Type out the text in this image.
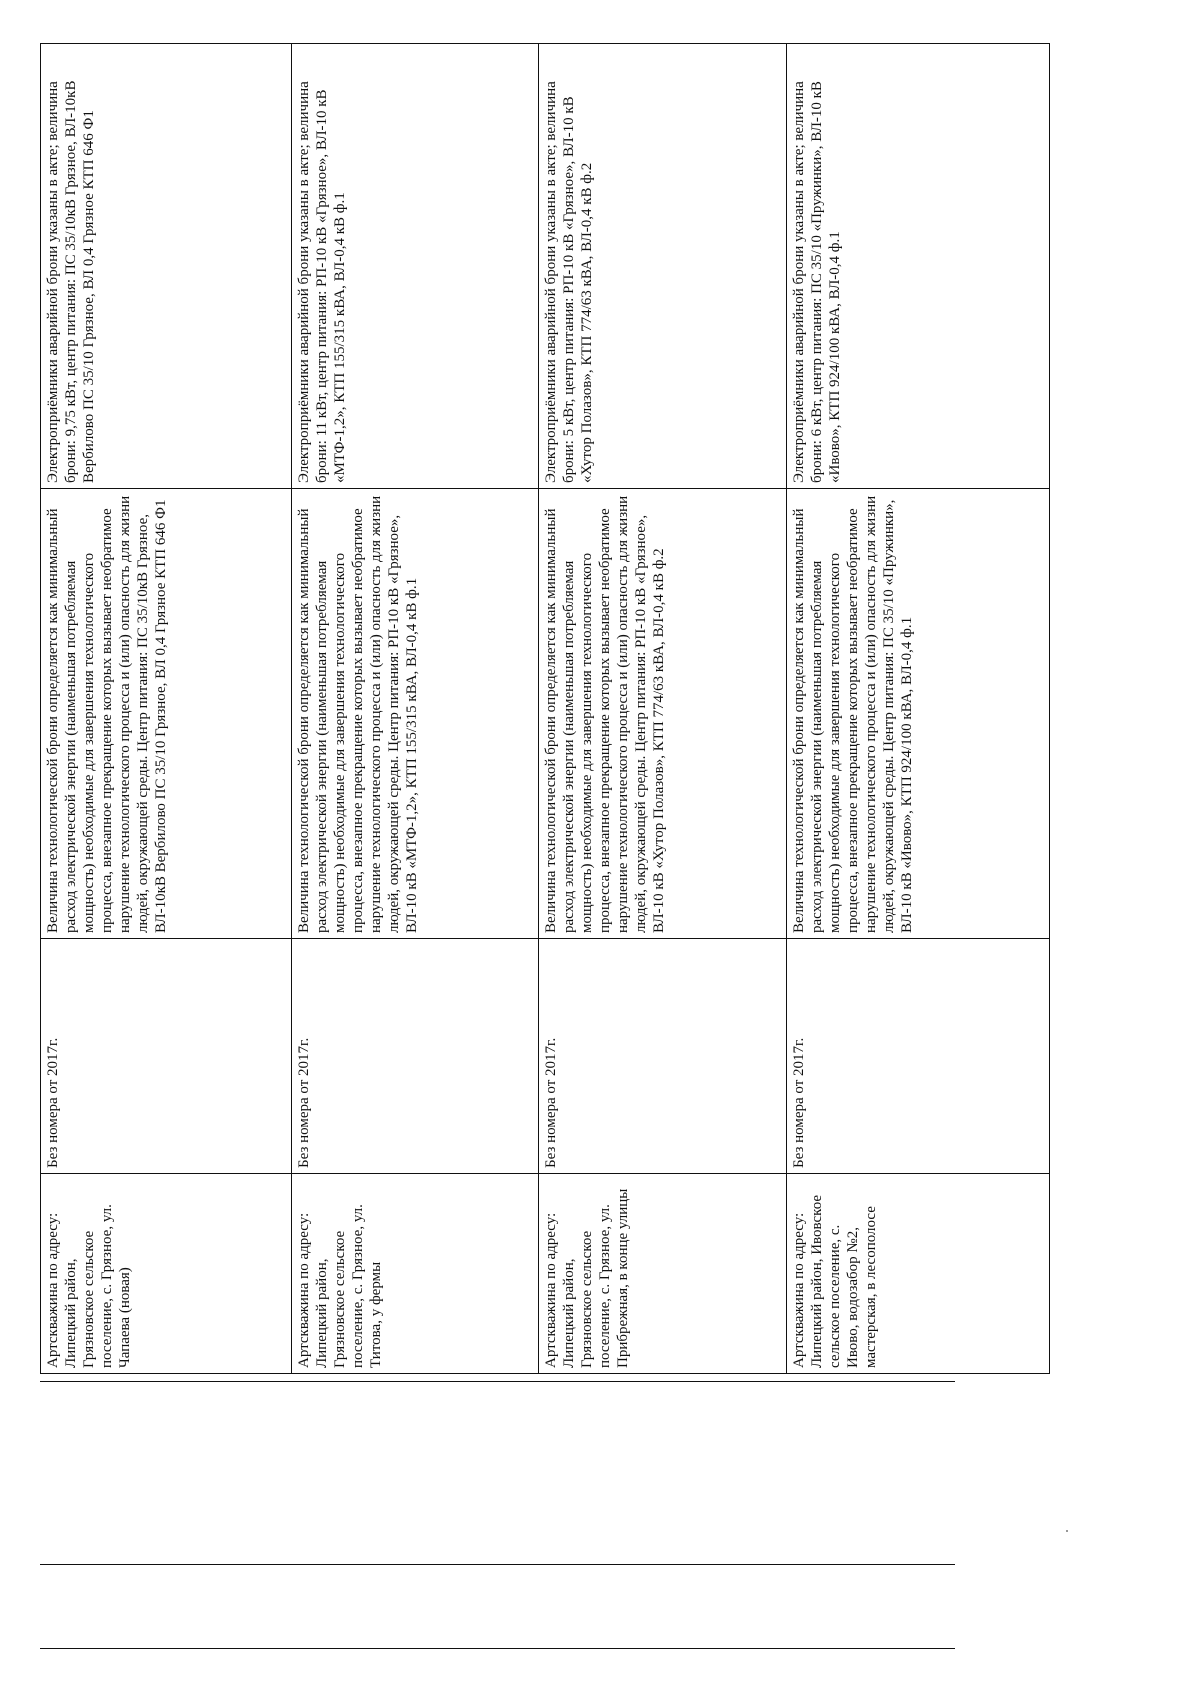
Артскважина по адресу: Липецкий район, Грязновское сельское поселение, с. Грязное, ул. Чапаева (новая)	Без номера от 2017г.	Величина технологической брони определяется как минимальный расход электрической энергии (наименьшая потребляемая мощность) необходимые для завершения технологического процесса, внезапное прекращение которых вызывает необратимое нарушение технологического процесса и (или) опасность для жизни людей, окружающей среды. Центр питания: ПС 35/10кВ Грязное, ВЛ-10кВ Вербилово ПС 35/10 Грязное, ВЛ 0,4 Грязное КТП 646 Ф1	Электроприёмники аварийной брони указаны в акте; величина брони: 9,75 кВт, центр питания: ПС 35/10кВ Грязное, ВЛ-10кВ Вербилово ПС 35/10 Грязное, ВЛ 0,4 Грязное КТП 646 Ф1

Артскважина по адресу: Липецкий район, Грязновское сельское поселение, с. Грязное, ул. Титова, у фермы	Без номера от 2017г.	Величина технологической брони определяется как минимальный расход электрической энергии (наименьшая потребляемая мощность) необходимые для завершения технологического процесса, внезапное прекращение которых вызывает необратимое нарушение технологического процесса и (или) опасность для жизни людей, окружающей среды. Центр питания: РП-10 кВ «Грязное», ВЛ-10 кВ «МТФ-1,2», КТП 155/315 кВА, ВЛ-0,4 кВ ф.1	Электроприёмники аварийной брони указаны в акте; величина брони: 11 кВт, центр питания: РП-10 кВ «Грязное», ВЛ-10 кВ «МТФ-1,2», КТП 155/315 кВА, ВЛ-0,4 кВ ф.1

Артскважина по адресу: Липецкий район, Грязновское сельское поселение, с. Грязное, ул. Прибрежная, в конце улицы	Без номера от 2017г.	Величина технологической брони определяется как минимальный расход электрической энергии (наименьшая потребляемая мощность) необходимые для завершения технологического процесса, внезапное прекращение которых вызывает необратимое нарушение технологического процесса и (или) опасность для жизни людей, окружающей среды. Центр питания: РП-10 кВ «Грязное», ВЛ-10 кВ «Хутор Полазов», КТП 774/63 кВА, ВЛ-0,4 кВ ф.2	Электроприёмники аварийной брони указаны в акте; величина брони: 5 кВт, центр питания: РП-10 кВ «Грязное», ВЛ-10 кВ «Хутор Полазов», КТП 774/63 кВА, ВЛ-0,4 кВ ф.2

Артскважина по адресу: Липецкий район, Ивовское сельское поселение, с. Ивово, водозабор №2, мастерская, в лесополосе	Без номера от 2017г.	Величина технологической брони определяется как минимальный расход электрической энергии (наименьшая потребляемая мощность) необходимые для завершения технологического процесса, внезапное прекращение которых вызывает необратимое нарушение технологического процесса и (или) опасность для жизни людей, окружающей среды. Центр питания: ПС 35/10 «Пружинки», ВЛ-10 кВ «Ивово», КТП 924/100 кВА, ВЛ-0,4 ф.1	Электроприёмники аварийной брони указаны в акте; величина брони: 6 кВт, центр питания: ПС 35/10 «Пружинки», ВЛ-10 кВ «Ивово», КТП 924/100 кВА, ВЛ-0,4 ф.1
